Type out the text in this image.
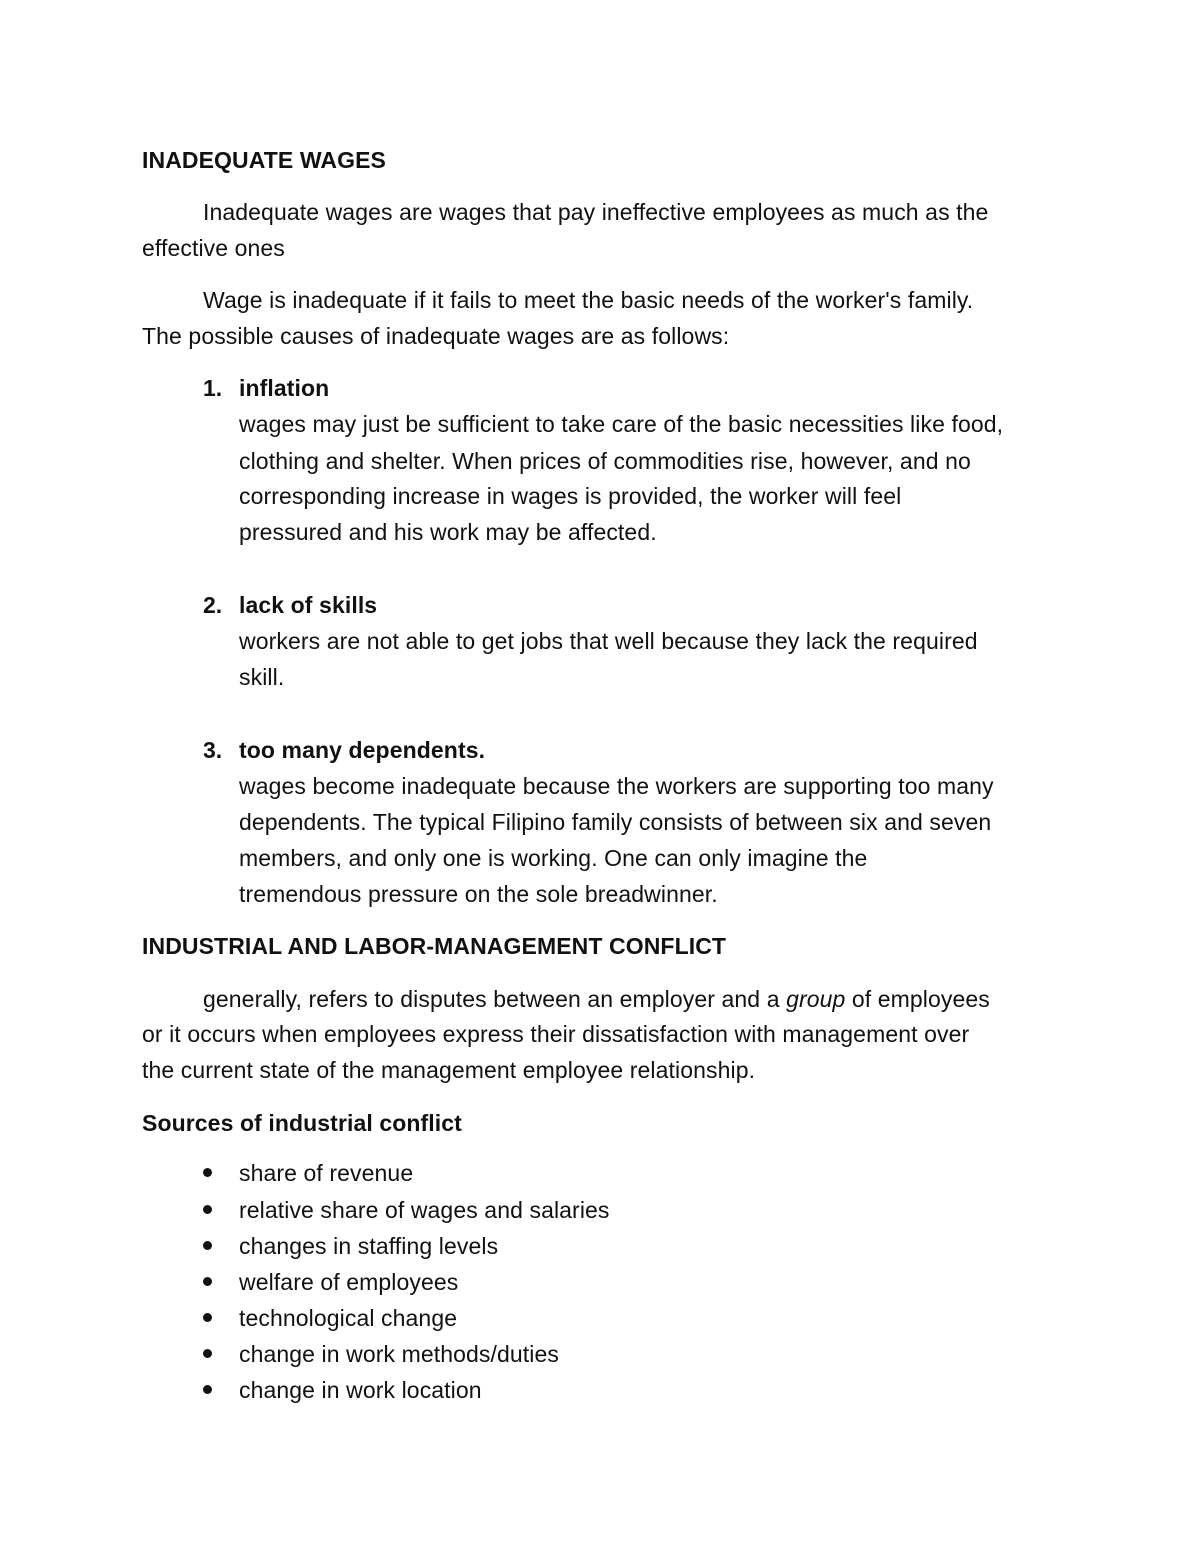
INADEQUATE WAGES
Inadequate wages are wages that pay ineffective employees as much as the
effective ones
Wage is inadequate if it fails to meet the basic needs of the worker's family.
The possible causes of inadequate wages are as follows:
1. inflation
wages may just be sufficient to take care of the basic necessities like food,
clothing and shelter. When prices of commodities rise, however, and no
corresponding increase in wages is provided, the worker will feel
pressured and his work may be affected.
2. lack of skills
workers are not able to get jobs that well because they lack the required
skill.
3. too many dependents.
wages become inadequate because the workers are supporting too many
dependents. The typical Filipino family consists of between six and seven
members, and only one is working. One can only imagine the
tremendous pressure on the sole breadwinner.
INDUSTRIAL AND LABOR-MANAGEMENT CONFLICT
generally, refers to disputes between an employer and a group of employees
or it occurs when employees express their dissatisfaction with management over
the current state of the management employee relationship.
Sources of industrial conflict
share of revenue
relative share of wages and salaries
changes in staffing levels
welfare of employees
technological change
change in work methods/duties
change in work location
